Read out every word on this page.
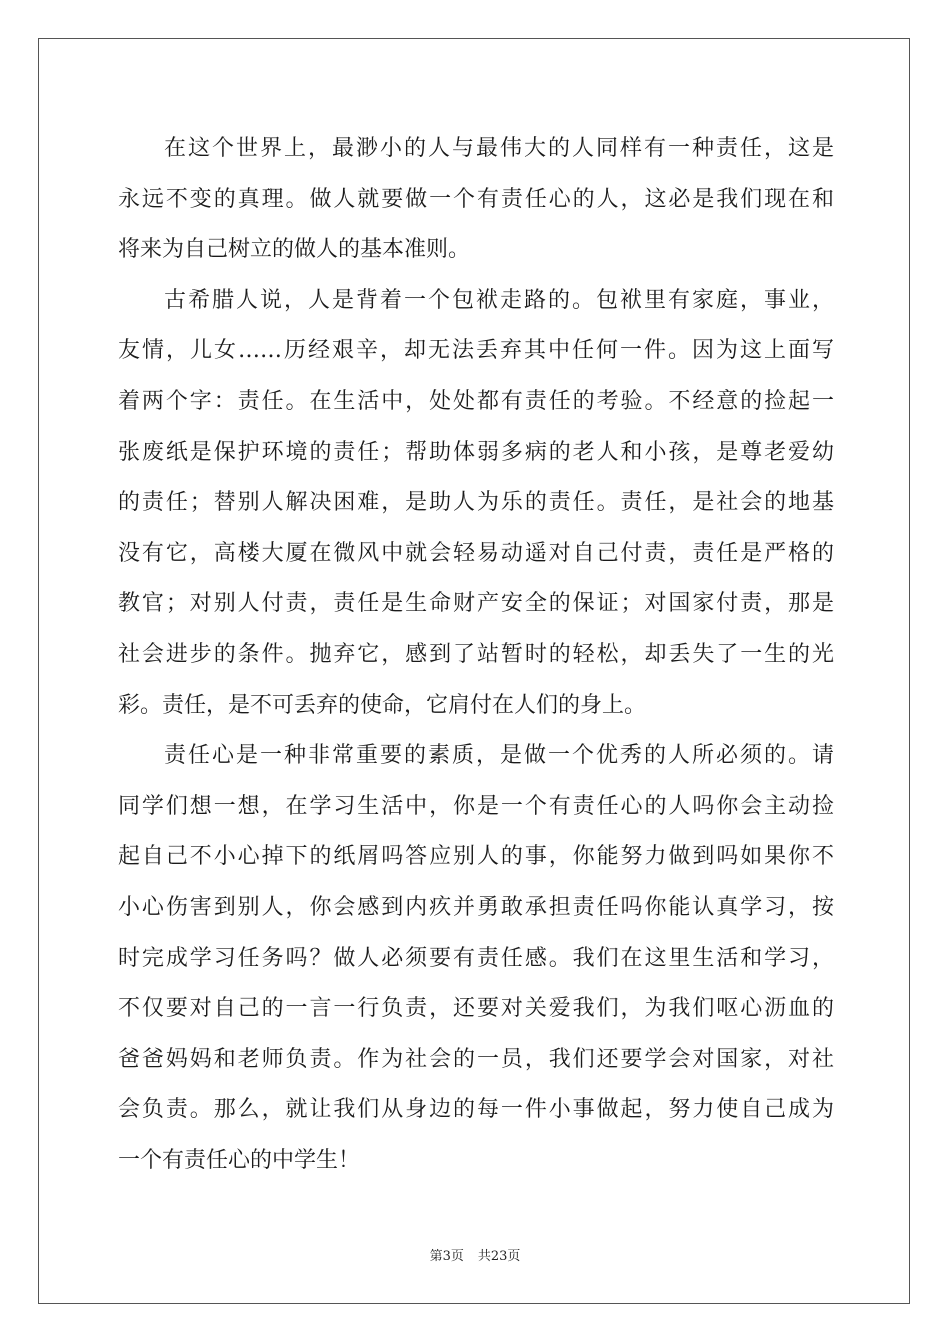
在这个世界上，最渺小的人与最伟大的人同样有一种责任，这是
永远不变的真理。做人就要做一个有责任心的人，这必是我们现在和
将来为自己树立的做人的基本准则。
古希腊人说，人是背着一个包袱走路的。包袱里有家庭，事业，
友情，儿女……历经艰辛，却无法丢弃其中任何一件。因为这上面写
着两个字：责任。在生活中，处处都有责任的考验。不经意的捡起一
张废纸是保护环境的责任；帮助体弱多病的老人和小孩，是尊老爱幼
的责任；替别人解决困难，是助人为乐的责任。责任，是社会的地基
没有它，高楼大厦在微风中就会轻易动遥对自己付责，责任是严格的
教官；对别人付责，责任是生命财产安全的保证；对国家付责，那是
社会进步的条件。抛弃它，感到了站暂时的轻松，却丢失了一生的光
彩。责任，是不可丢弃的使命，它肩付在人们的身上。
责任心是一种非常重要的素质，是做一个优秀的人所必须的。请
同学们想一想，在学习生活中，你是一个有责任心的人吗你会主动捡
起自己不小心掉下的纸屑吗答应别人的事，你能努力做到吗如果你不
小心伤害到别人，你会感到内疚并勇敢承担责任吗你能认真学习，按
时完成学习任务吗？做人必须要有责任感。我们在这里生活和学习，
不仅要对自己的一言一行负责，还要对关爱我们，为我们呕心沥血的
爸爸妈妈和老师负责。作为社会的一员，我们还要学会对国家，对社
会负责。那么，就让我们从身边的每一件小事做起，努力使自己成为
一个有责任心的中学生！
第3页 共23页
